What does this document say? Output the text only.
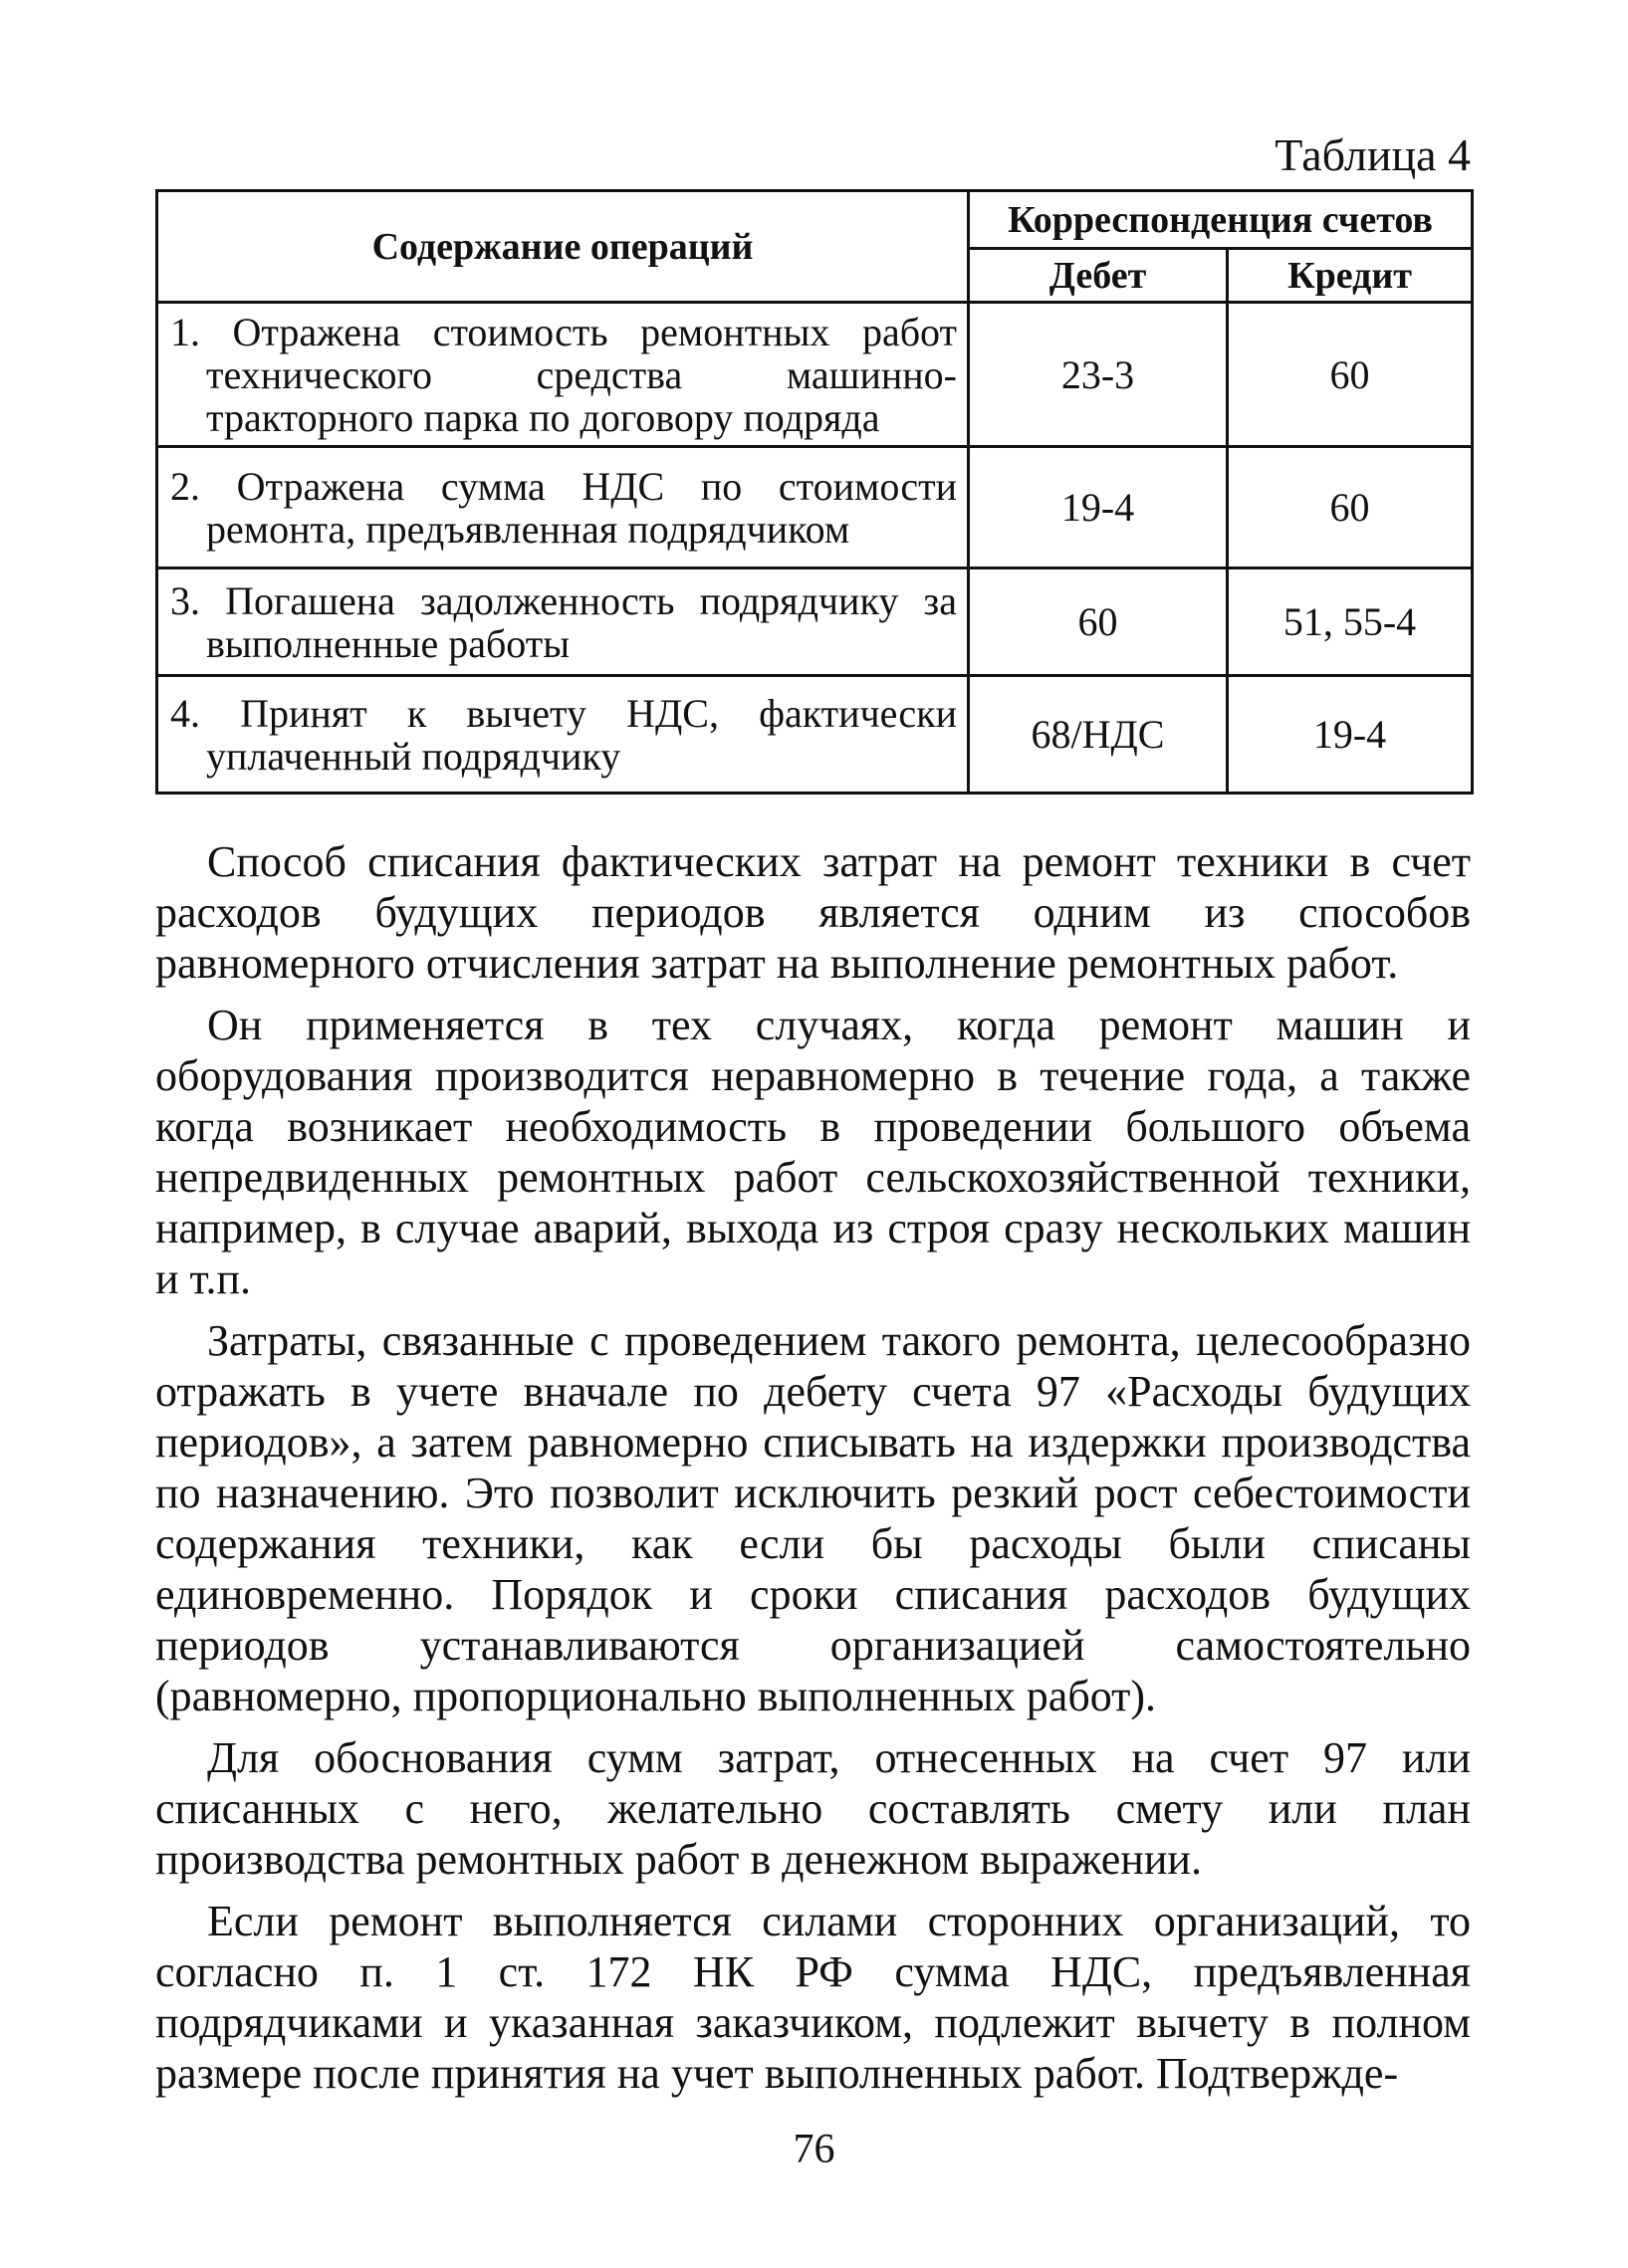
Таблица 4
Содержание операций	Корреспонденция счетов	
	Дебет	Кредит

1. Отражена стоимость ремонтных работ технического средства машинно-тракторного парка по договору подряда	23-3	60

2. Отражена сумма НДС по стоимости ремонта, предъявленная подрядчиком	19-4	60

3. Погашена задолженность подрядчику за выполненные работы	60	51, 55-4

4. Принят к вычету НДС, фактически уплаченный подрядчику	68/НДС	19-4

Способ списания фактических затрат на ремонт техники в счет расходов будущих периодов является одним из способов равномерного отчисления затрат на выполнение ремонтных работ.

Он применяется в тех случаях, когда ремонт машин и оборудования производится неравномерно в течение года, а также когда возникает необходимость в проведении большого объема непредвиденных ремонтных работ сельскохозяйственной техники, например, в случае аварий, выхода из строя сразу нескольких машин и т.п.

Затраты, связанные с проведением такого ремонта, целесообразно отражать в учете вначале по дебету счета 97 «Расходы будущих периодов», а затем равномерно списывать на издержки производства по назначению. Это позволит исключить резкий рост себестоимости содержания техники, как если бы расходы были списаны единовременно. Порядок и сроки списания расходов будущих периодов устанавливаются организацией самостоятельно (равномерно, пропорционально выполненных работ).

Для обоснования сумм затрат, отнесенных на счет 97 или списанных с него, желательно составлять смету или план производства ремонтных работ в денежном выражении.

Если ремонт выполняется силами сторонних организаций, то согласно п. 1 ст. 172 НК РФ сумма НДС, предъявленная подрядчиками и указанная заказчиком, подлежит вычету в полном размере после принятия на учет выполненных работ. Подтвержде-

76
